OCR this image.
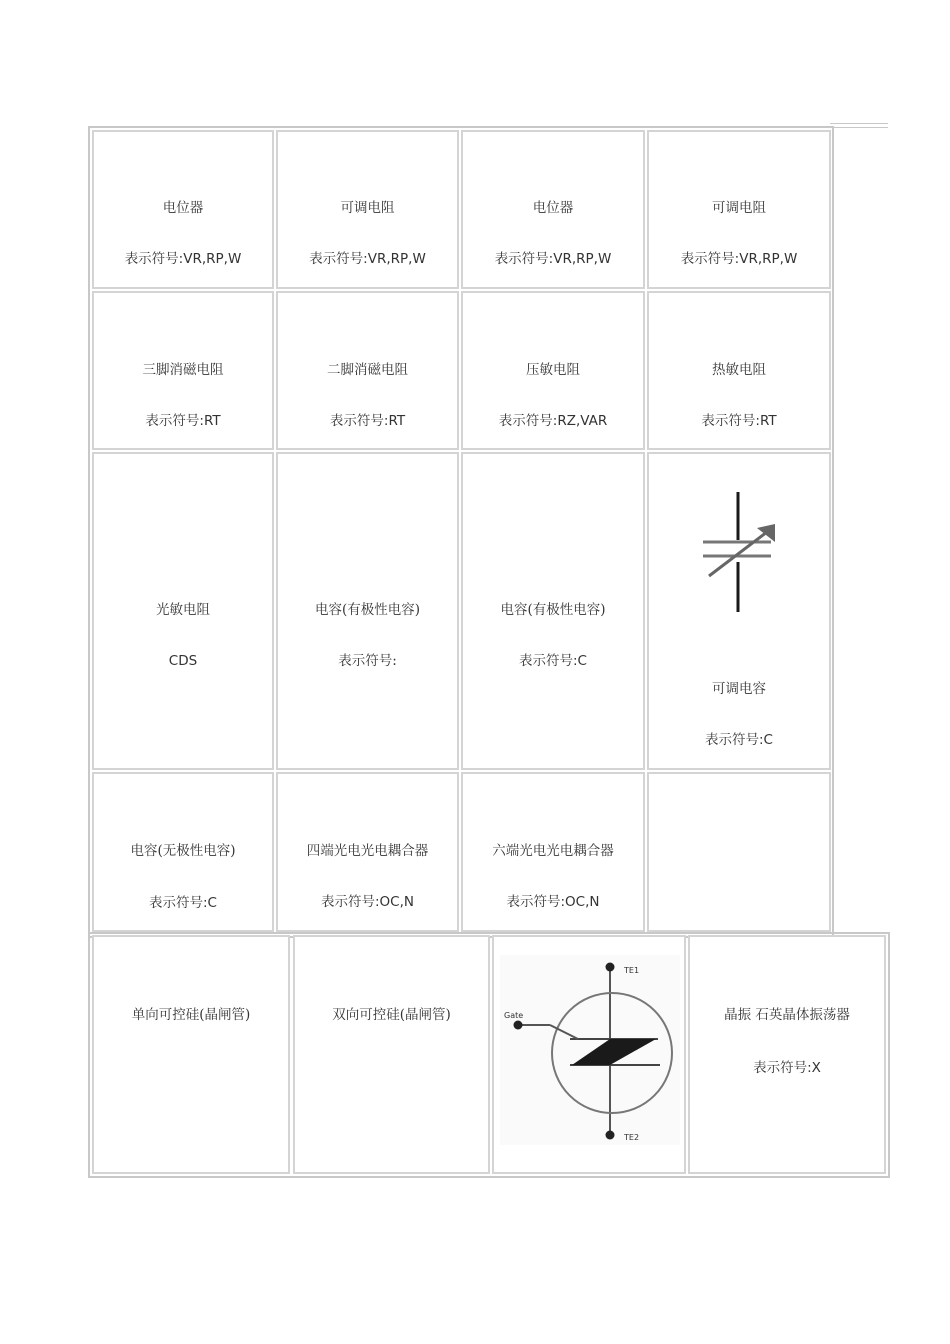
电位器
表示符号:VR,RP,W
可调电阻
表示符号:VR,RP,W
电位器
表示符号:VR,RP,W
可调电阻
表示符号:VR,RP,W
三脚消磁电阻
表示符号:RT
二脚消磁电阻
表示符号:RT
压敏电阻
表示符号:RZ,VAR
热敏电阻
表示符号:RT
光敏电阻
CDS
电容(有极性电容)
表示符号:
电容(有极性电容)
表示符号:C
可调电容
表示符号:C
电容(无极性电容)
表示符号:C
四端光电光电耦合器
表示符号:OC,N
六端光电光电耦合器
表示符号:OC,N
单向可控硅(晶闸管)	双向可控硅(晶闸管)
TE1
Gate
TE2
晶振 石英晶体振荡器
表示符号:X
